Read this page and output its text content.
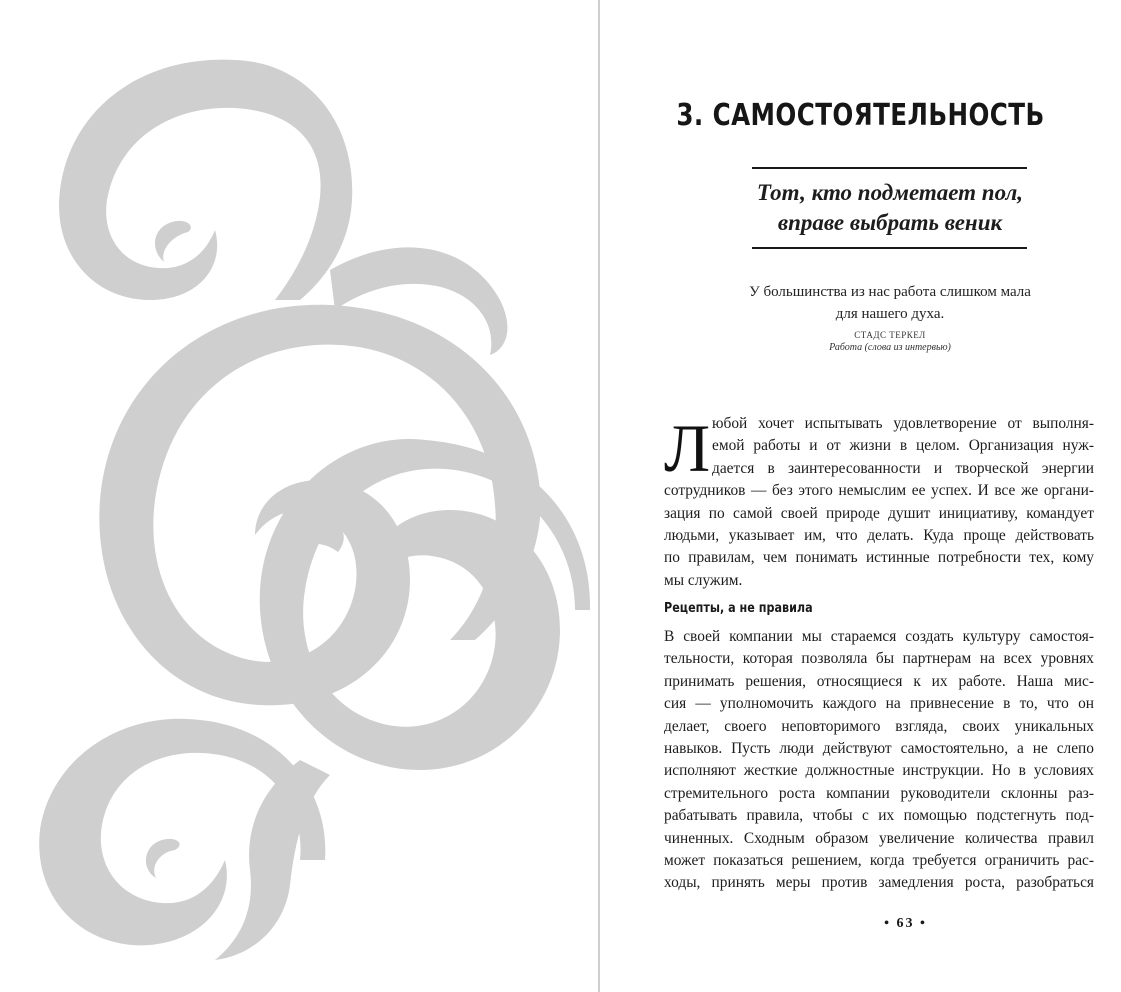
3. САМОСТОЯТЕЛЬНОСТЬ
Тот, кто подметает пол,
вправе выбрать веник
У большинства из нас работа слишком мала
для нашего духа.
СТАДС ТЕРКЕЛ
Работа (слова из интервью)
Л юбой хочет испытывать удовлетворение от выполня-
емой работы и от жизни в целом. Организация нуж-
дается в заинтересованности и творческой энергии
сотрудников — без этого немыслим ее успех. И все же органи-
зация по самой своей природе душит инициативу, командует
людьми, указывает им, что делать. Куда проще действовать
по правилам, чем понимать истинные потребности тех, кому
мы служим.
Рецепты, а не правила
В своей компании мы стараемся создать культуру самостоя-
тельности, которая позволяла бы партнерам на всех уровнях
принимать решения, относящиеся к их работе. Наша мис-
сия — уполномочить каждого на привнесение в то, что он
делает, своего неповторимого взгляда, своих уникальных
навыков. Пусть люди действуют самостоятельно, а не слепо
исполняют жесткие должностные инструкции. Но в условиях
стремительного роста компании руководители склонны раз-
рабатывать правила, чтобы с их помощью подстегнуть под-
чиненных. Сходным образом увеличение количества правил
может показаться решением, когда требуется ограничить рас-
ходы, принять меры против замедления роста, разобраться
• 63 •
